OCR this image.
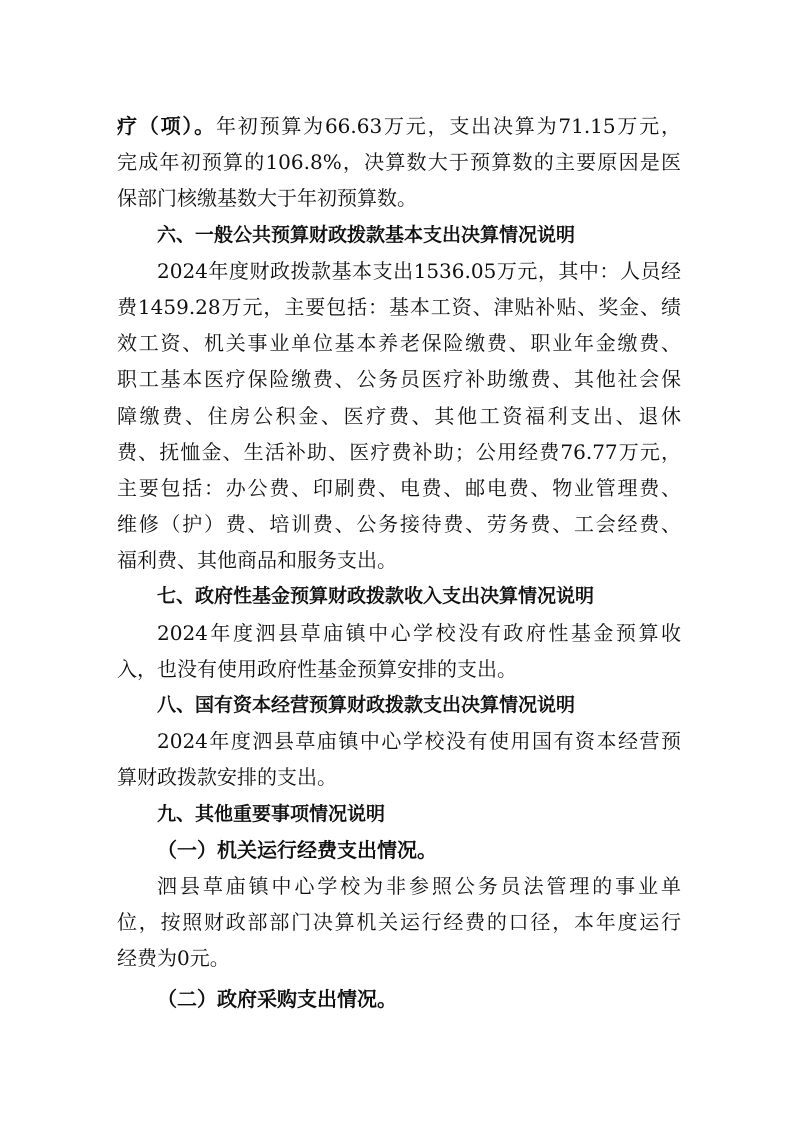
疗（项）。年初预算为66.63万元，支出决算为71.15万元，
完成年初预算的106.8%，决算数大于预算数的主要原因是医
保部门核缴基数大于年初预算数。
六、一般公共预算财政拨款基本支出决算情况说明
2024年度财政拨款基本支出1536.05万元，其中：人员经
费1459.28万元，主要包括：基本工资、津贴补贴、奖金、绩
效工资、机关事业单位基本养老保险缴费、职业年金缴费、
职工基本医疗保险缴费、公务员医疗补助缴费、其他社会保
障缴费、住房公积金、医疗费、其他工资福利支出、退休
费、抚恤金、生活补助、医疗费补助；公用经费76.77万元，
主要包括：办公费、印刷费、电费、邮电费、物业管理费、
维修（护）费、培训费、公务接待费、劳务费、工会经费、
福利费、其他商品和服务支出。
七、政府性基金预算财政拨款收入支出决算情况说明
2024年度泗县草庙镇中心学校没有政府性基金预算收
入，也没有使用政府性基金预算安排的支出。
八、国有资本经营预算财政拨款支出决算情况说明
2024年度泗县草庙镇中心学校没有使用国有资本经营预
算财政拨款安排的支出。
九、其他重要事项情况说明
（一）机关运行经费支出情况。
泗县草庙镇中心学校为非参照公务员法管理的事业单
位，按照财政部部门决算机关运行经费的口径，本年度运行
经费为0元。
（二）政府采购支出情况。
